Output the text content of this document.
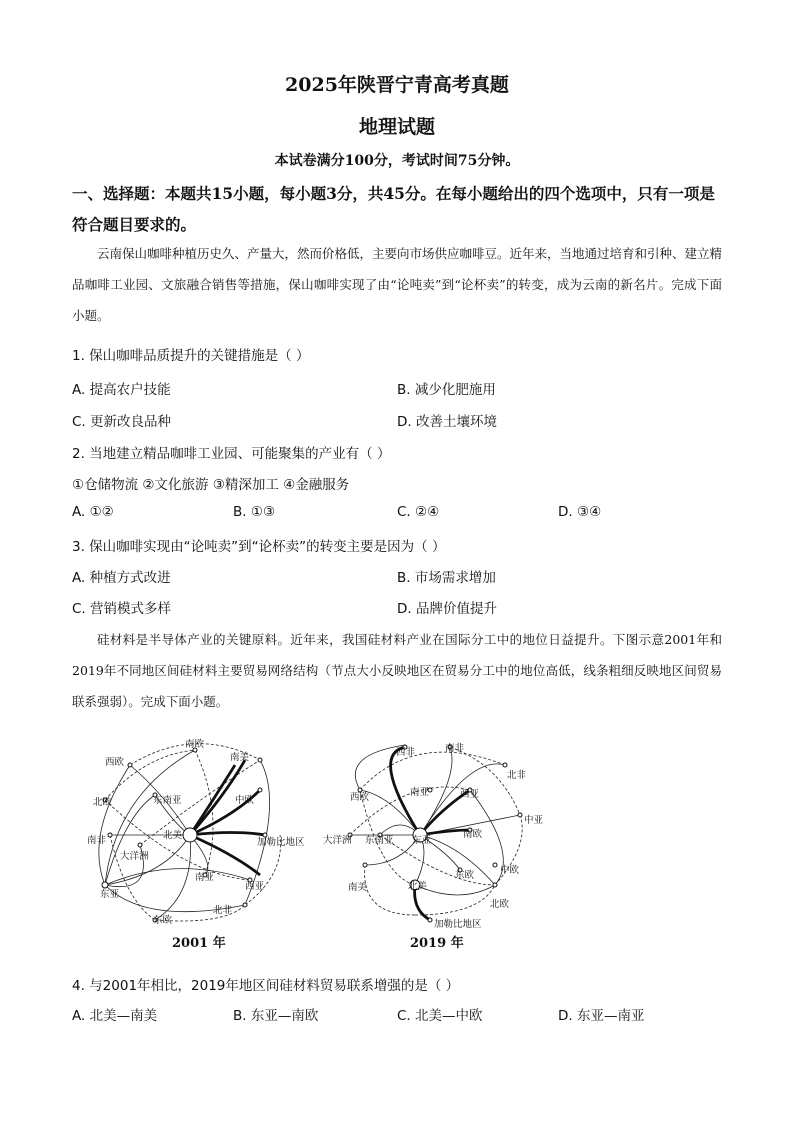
2025年陕晋宁青高考真题
地理试题
本试卷满分100分，考试时间75分钟。
一、选择题：本题共15小题，每小题3分，共45分。在每小题给出的四个选项中，只有一项是符合题目要求的。
云南保山咖啡种植历史久、产量大，然而价格低，主要向市场供应咖啡豆。近年来，当地通过培育和引种、建立精品咖啡工业园、文旅融合销售等措施，保山咖啡实现了由“论吨卖”到“论杯卖”的转变，成为云南的新名片。完成下面小题。
1. 保山咖啡品质提升的关键措施是（ ）
A. 提高农户技能	B. 减少化肥施用
C. 更新改良品种	D. 改善土壤环境
2. 当地建立精品咖啡工业园、可能聚集的产业有（ ）
①仓储物流 ②文化旅游 ③精深加工 ④金融服务
A. ①②	B. ①③	C. ②④	D. ③④
3. 保山咖啡实现由“论吨卖”到“论杯卖”的转变主要是因为（ ）
A. 种植方式改进	B. 市场需求增加
C. 营销模式多样	D. 品牌价值提升
硅材料是半导体产业的关键原料。近年来，我国硅材料产业在国际分工中的地位日益提升。下图示意2001年和2019年不同地区间硅材料主要贸易网络结构（节点大小反映地区在贸易分工中的地位高低，线条粗细反映地区间贸易联系强弱）。完成下面小题。
南欧
南美
西欧
东南亚
北欧	中欧
南非	北美
加勒比地区
大洋洲
南亚
西亚
东亚
东欧
北非
2001 年
西非	南非
北非
南亚	西亚
西欧
中亚
大洋洲 东南亚 东亚
南欧
东欧	中欧
南美	北美
北欧
加勒比地区
2019 年
4. 与2001年相比，2019年地区间硅材料贸易联系增强的是（ ）
A. 北美—南美	B. 东亚—南欧	C. 北美—中欧	D. 东亚—南亚
